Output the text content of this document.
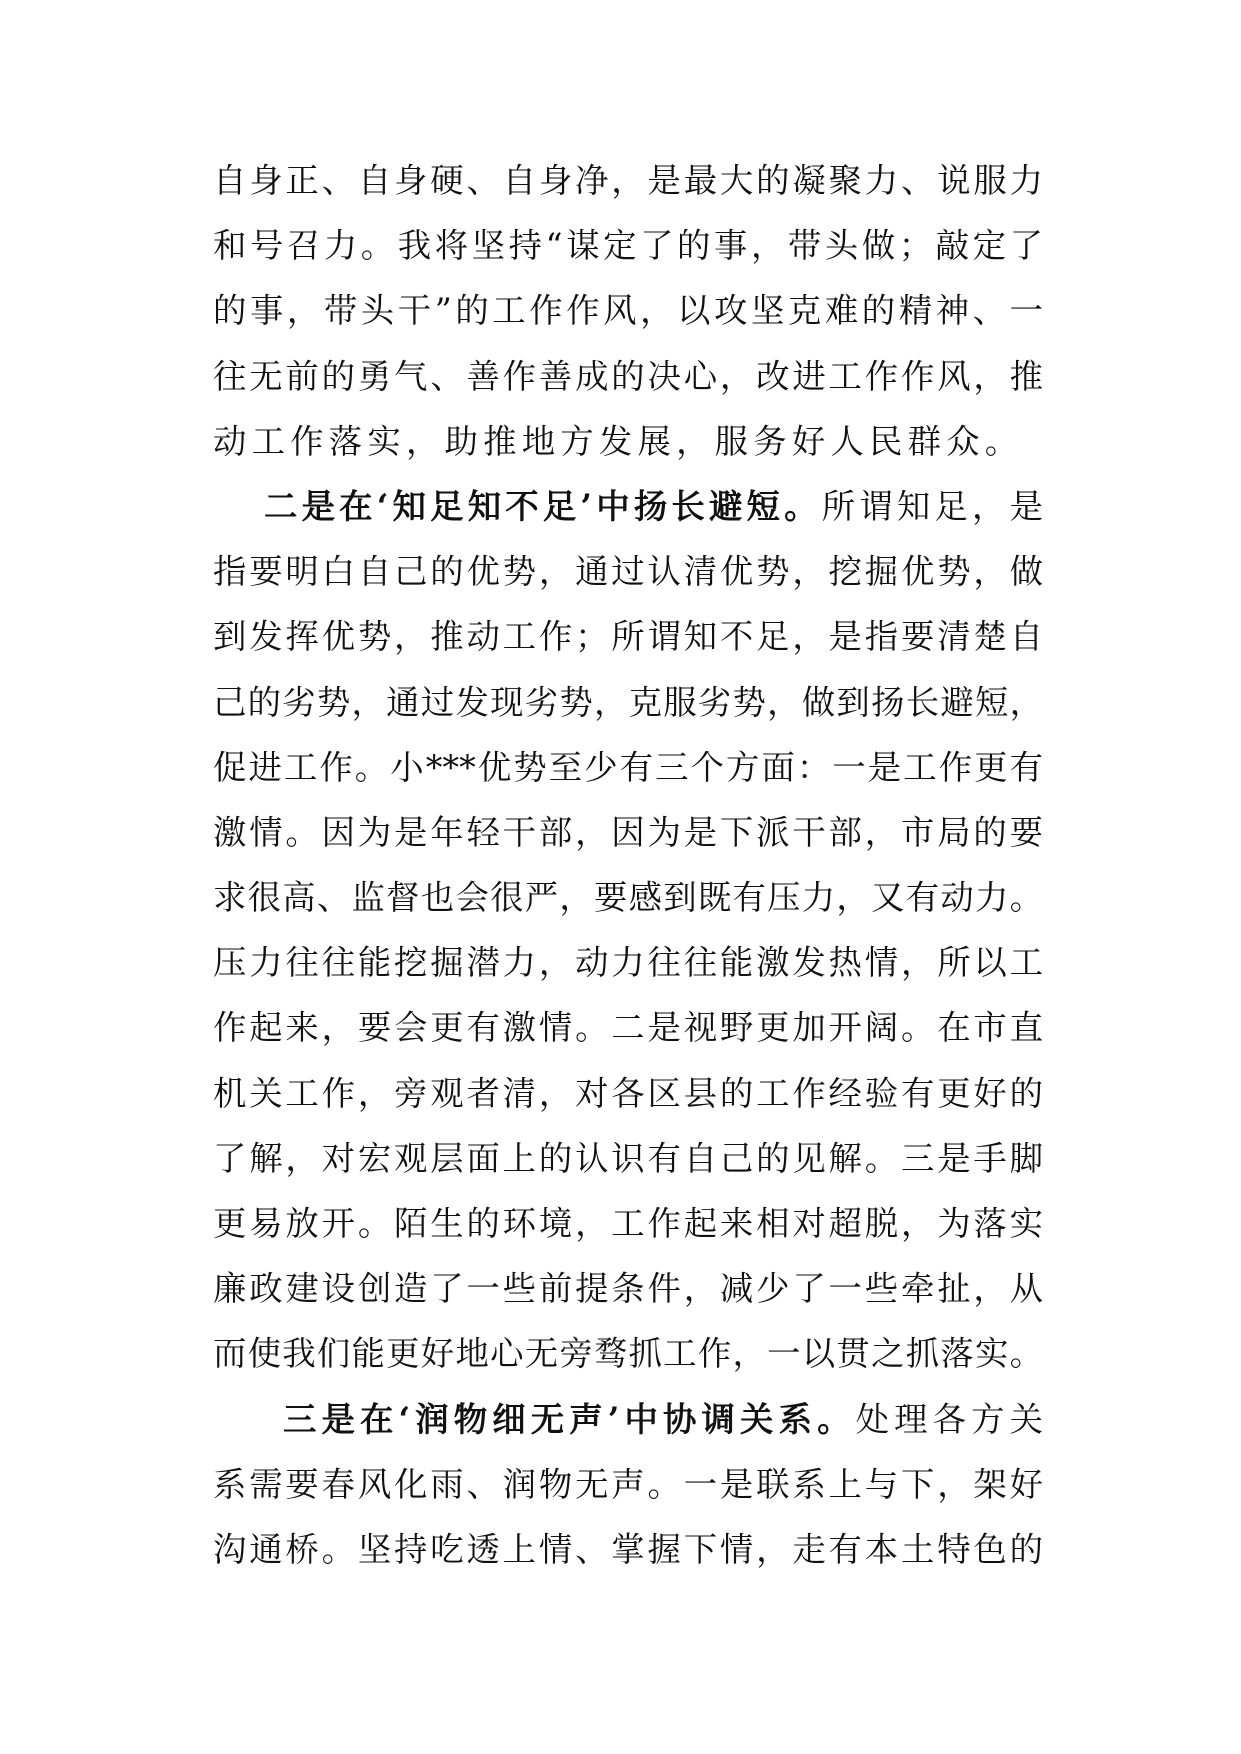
自身正、自身硬、自身净，是最大的凝聚力、说服力
和号召力。我将坚持“谋定了的事，带头做；敲定了
的事，带头干”的工作作风，以攻坚克难的精神、一
往无前的勇气、善作善成的决心，改进工作作风，推
动工作落实，助推地方发展，服务好人民群众。
二是在‘知足知不足’中扬长避短。所谓知足，是
指要明白自己的优势，通过认清优势，挖掘优势，做
到发挥优势，推动工作；所谓知不足，是指要清楚自
己的劣势，通过发现劣势，克服劣势，做到扬长避短，
促进工作。小***优势至少有三个方面：一是工作更有
激情。因为是年轻干部，因为是下派干部，市局的要
求很高、监督也会很严，要感到既有压力，又有动力。
压力往往能挖掘潜力，动力往往能激发热情，所以工
作起来，要会更有激情。二是视野更加开阔。在市直
机关工作，旁观者清，对各区县的工作经验有更好的
了解，对宏观层面上的认识有自己的见解。三是手脚
更易放开。陌生的环境，工作起来相对超脱，为落实
廉政建设创造了一些前提条件，减少了一些牵扯，从
而使我们能更好地心无旁骛抓工作，一以贯之抓落实。
三是在‘润物细无声’中协调关系。处理各方关
系需要春风化雨、润物无声。一是联系上与下，架好
沟通桥。坚持吃透上情、掌握下情，走有本土特色的
